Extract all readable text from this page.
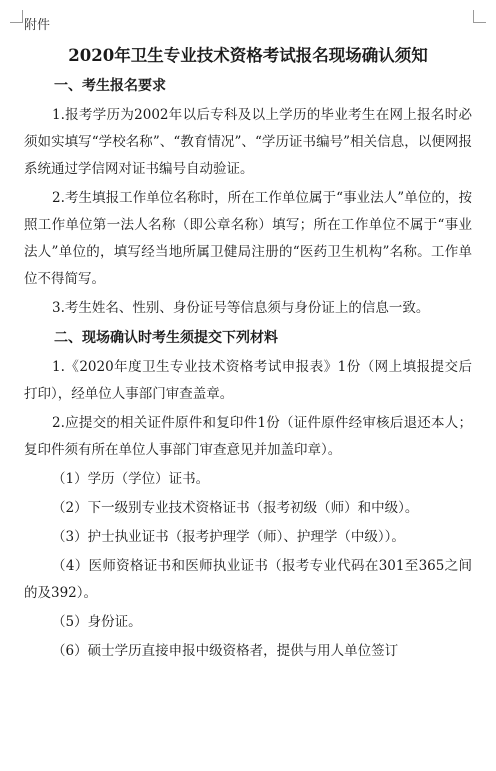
附件

2020年卫生专业技术资格考试报名现场确认须知

一、考生报名要求

1.报考学历为2002年以后专科及以上学历的毕业考生在网上报名时必须如实填写“学校名称”、“教育情况”、“学历证书编号”相关信息，以便网报系统通过学信网对证书编号自动验证。

2.考生填报工作单位名称时，所在工作单位属于“事业法人”单位的，按照工作单位第一法人名称（即公章名称）填写；所在工作单位不属于“事业法人”单位的，填写经当地所属卫健局注册的“医药卫生机构”名称。工作单位不得简写。

3.考生姓名、性别、身份证号等信息须与身份证上的信息一致。

二、现场确认时考生须提交下列材料

1.《2020年度卫生专业技术资格考试申报表》1份（网上填报提交后打印），经单位人事部门审查盖章。

2.应提交的相关证件原件和复印件1份（证件原件经审核后退还本人；复印件须有所在单位人事部门审查意见并加盖印章）。

（1）学历（学位）证书。

（2）下一级别专业技术资格证书（报考初级（师）和中级）。

（3）护士执业证书（报考护理学（师）、护理学（中级））。

（4）医师资格证书和医师执业证书（报考专业代码在301至365之间的及392）。

（5）身份证。

（6）硕士学历直接申报中级资格者，提供与用人单位签订
